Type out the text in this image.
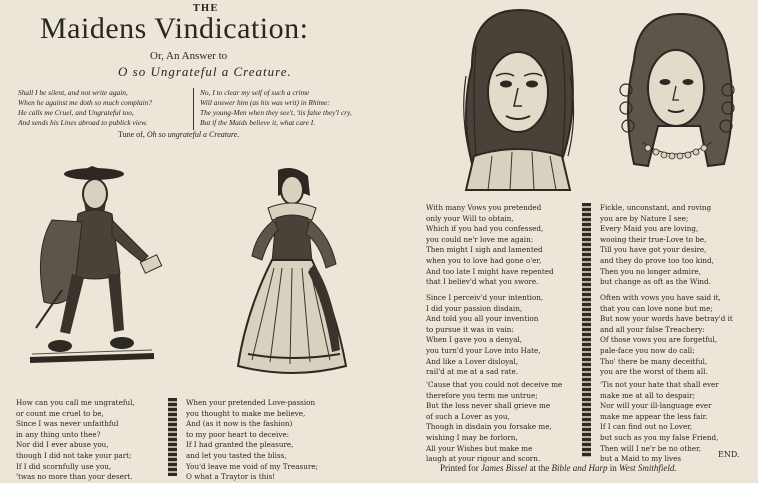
THE
Maidens Vindication:
Or, An Answer to
O so Ungrateful a Creature.
Shall I be silent, and not write again,
When he against me doth so much complain?
He calls me Cruel, and Ungrateful too,
And sends his Lines abroad to publick view.
No, I to clear my self of such a crime
Will answer him (as his was writ) in Rhime:
The young-Men when they see't, 'tis false they'l cry,
But if the Maids believe it, what care I.
Tune of, Oh so ungrateful a Creature.
How can you call me ungrateful,
or count me cruel to be,
Since I was never unfaithful
in any thing unto thee?
Nor did I ever abuse you,
though I did not take your part;
If I did scornfully use you,
'twas no more than your desert.
When your pretended Love-passion
you thought to make me believe,
And (as it now is the fashion)
to my poor heart to deceive:
If I had granted the pleasure,
and let you tasted the bliss,
You'd leave me void of my Treasure;
O what a Traytor is this!
With many Vows you pretended
only your Will to obtain,
Which if you had you confessed,
you could ne'r love me again:
Then might I sigh and lamented
when you to love had gone o'er,
And too late I might have repented
that I believ'd what you swore.
Since I perceiv'd your intention,
I did your passion disdain,
And told you all your invention
to pursue it was in vain:
When I gave you a denyal,
you turn'd your Love into Hate,
And like a Lover disloyal,
rail'd at me at a sad rate.
'Cause that you could not deceive me
therefore you term me untrue;
But the loss never shall grieve me
of such a Lover as you,
Though in disdain you forsake me,
wishing I may be forlorn,
All your Wishes but make me
laugh at your rigour and scorn.
Fickle, unconstant, and roving
you are by Nature I see;
Every Maid you are loving,
wooing their true-Love to be,
Till you have got your desire,
and they do prove too too kind,
Then you no longer admire,
but change as oft as the Wind.
Often with vows you have said it,
that you can love none but me;
But now your words have betray'd it
and all your false Treachery:
Of those vows you are forgetful,
pale-face you now do call;
Tho' there be many deceitful,
you are the worst of them all.
'Tis not your hate that shall ever
make me at all to despair;
Nor will your ill-language ever
make me appear the less fair.
If I can find out no Lover,
but such as you my false Friend,
Then will I ne'r be no other,
but a Maid to my lives	END.
Printed for James Bissel at the Bible and Harp in West Smithfield.
